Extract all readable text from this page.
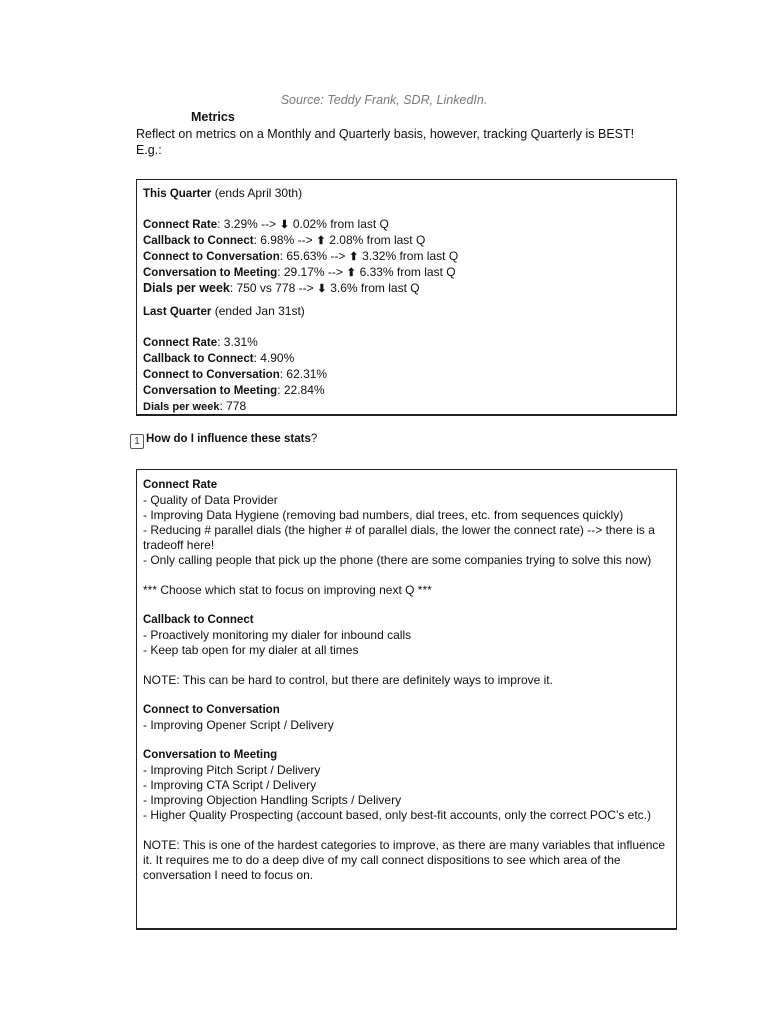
Source: Teddy Frank, SDR, LinkedIn.
Metrics
Reflect on metrics on a Monthly and Quarterly basis, however, tracking Quarterly is BEST!
E.g.:
This Quarter (ends April 30th)
Connect Rate: 3.29% --> ⬇ 0.02% from last Q
Callback to Connect: 6.98% --> ⬆ 2.08% from last Q
Connect to Conversation: 65.63% --> ⬆ 3.32% from last Q
Conversation to Meeting: 29.17% --> ⬆ 6.33% from last Q
Dials per week: 750 vs 778 --> ⬇ 3.6% from last Q
Last Quarter (ended Jan 31st)
Connect Rate: 3.31%
Callback to Connect: 4.90%
Connect to Conversation: 62.31%
Conversation to Meeting: 22.84%
Dials per week: 778
1 How do I influence these stats?
Connect Rate
- Quality of Data Provider
- Improving Data Hygiene (removing bad numbers, dial trees, etc. from sequences quickly)
- Reducing # parallel dials (the higher # of parallel dials, the lower the connect rate) --> there is a tradeoff here!
- Only calling people that pick up the phone (there are some companies trying to solve this now)
*** Choose which stat to focus on improving next Q ***
Callback to Connect
- Proactively monitoring my dialer for inbound calls
- Keep tab open for my dialer at all times
NOTE: This can be hard to control, but there are definitely ways to improve it.
Connect to Conversation
- Improving Opener Script / Delivery
Conversation to Meeting
- Improving Pitch Script / Delivery
- Improving CTA Script / Delivery
- Improving Objection Handling Scripts / Delivery
- Higher Quality Prospecting (account based, only best-fit accounts, only the correct POC’s etc.)
NOTE: This is one of the hardest categories to improve, as there are many variables that influence it. It requires me to do a deep dive of my call connect dispositions to see which area of the conversation I need to focus on.
